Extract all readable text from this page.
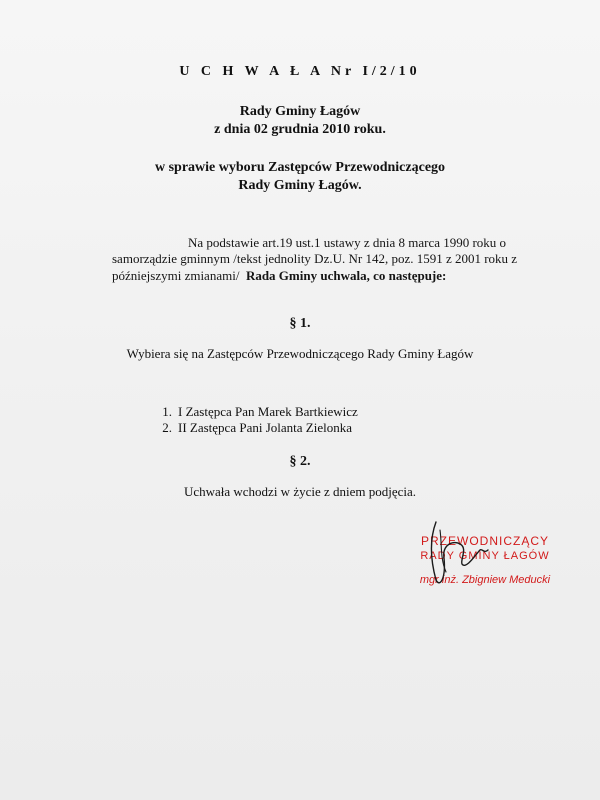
U C H W A Ł A Nr I/2/10
Rady Gminy Łagów
z dnia 02 grudnia 2010 roku.
w sprawie wyboru Zastępców Przewodniczącego
Rady Gminy Łagów.
Na podstawie art.19 ust.1 ustawy z dnia 8 marca 1990 roku o samorządzie gminnym /tekst jednolity Dz.U. Nr 142, poz. 1591 z 2001 roku z późniejszymi zmianami/ Rada Gminy uchwala, co następuje:
§ 1.
Wybiera się na Zastępców Przewodniczącego Rady Gminy Łagów
1. I Zastępca Pan Marek Bartkiewicz
2. II Zastępca Pani Jolanta Zielonka
§ 2.
Uchwała wchodzi w życie z dniem podjęcia.
PRZEWODNICZĄCY
RADY GMINY ŁAGÓW
mgr inż. Zbigniew Meducki
